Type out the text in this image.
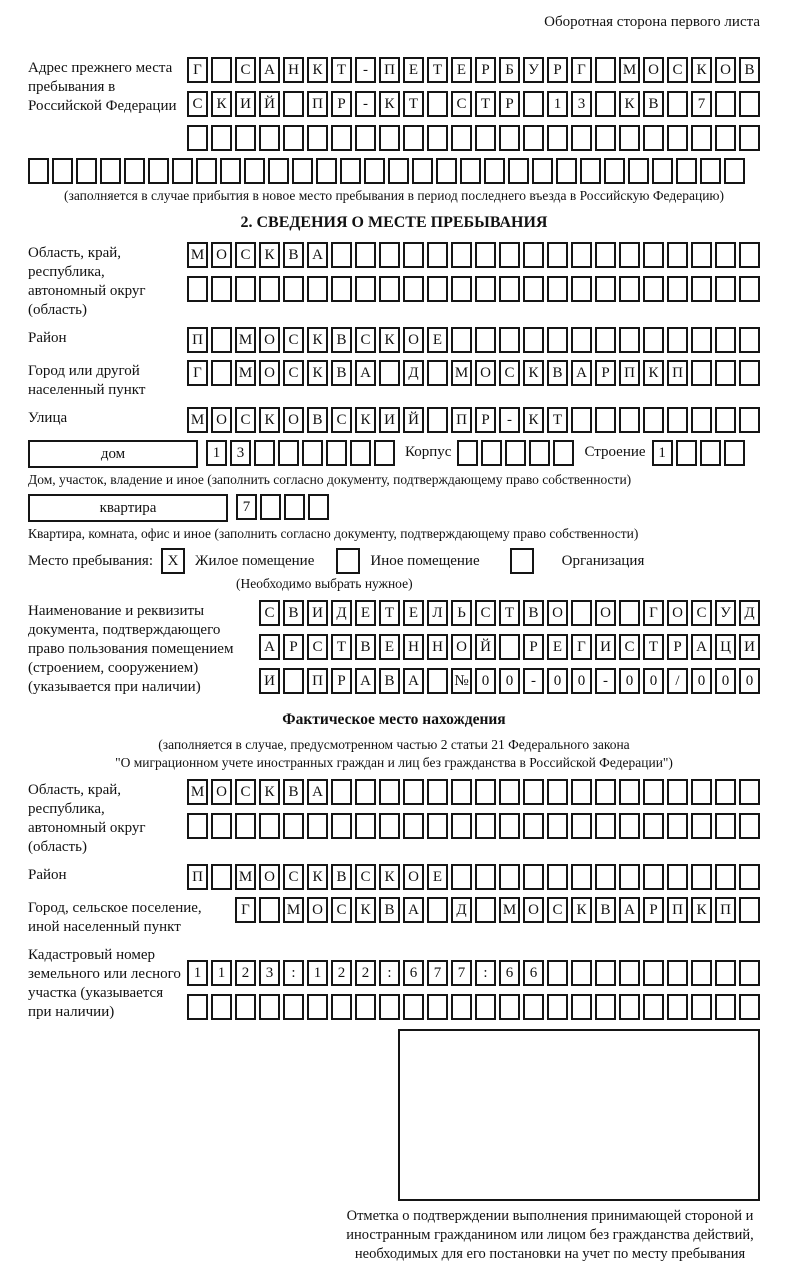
Оборотная сторона первого листа
Адрес прежнего места пребывания в Российской Федерации
Г	С А Н К Т	-	П Е Т Е	Р	Б У Р	Г	М О С К О В
С К И Й	П Р	-	К Т	С Т	Р	1	3	К В	7
(заполняется в случае прибытия в новое место пребывания в период последнего въезда в Российскую Федерацию)
2. СВЕДЕНИЯ О МЕСТЕ ПРЕБЫВАНИЯ
Область, край, республика, автономный округ (область)
М О С К В А
Район	П	М О С К В С К О Е
Город или другой населенный пункт
Г	М О С К В А	Д	М О С К В А Р П К П
Улица	М О С К О В С К И Й	П Р	-	К Т
дом	1	3	Корпус	Строение 1
Дом, участок, владение и иное (заполнить согласно документу, подтверждающему право собственности)
квартира	7
Квартира, комната, офис и иное (заполнить согласно документу, подтверждающему право собственности)
Место пребывания: X	Жилое помещение	Иное помещение	Организация
(Необходимо выбрать нужное)
Наименование и реквизиты документа, подтверждающего право пользования помещением (строением, сооружением) (указывается при наличии)
С В И Д Е Т Е Л Ь С Т В О	О	Г О С У Д
А Р С Т В Е Н Н О Й	Р	Е	Г И С Т	Р А Ц И
И	П Р А В А	№ 0	0	-	0	0	-	0	0	/	0	0	0
Фактическое место нахождения
(заполняется в случае, предусмотренном частью 2 статьи 21 Федерального закона
"О миграционном учете иностранных граждан и лиц без гражданства в Российской Федерации")
Область, край, республика, автономный округ (область)
М О С К В А
Район	П	М О С К В С К О Е
Город, сельское поселение, иной населенный пункт
Г	М О С К В А	Д	М О С К В А Р П К П
Кадастровый номер земельного или лесного участка (указывается при наличии)
1	1	2	3	:	1	2	2	:	6	7	7	:	6	6
Отметка о подтверждении выполнения принимающей стороной и иностранным гражданином или лицом без гражданства действий, необходимых для его постановки на учет по месту пребывания
